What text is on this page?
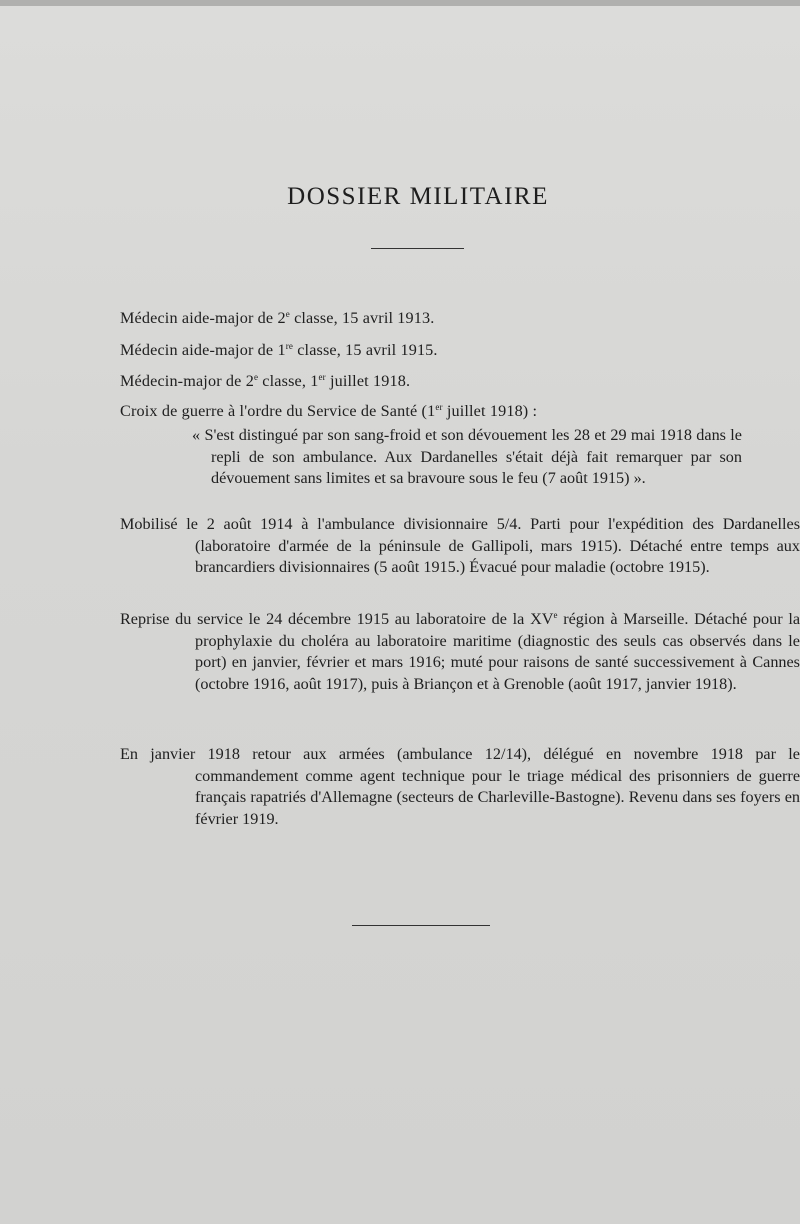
DOSSIER MILITAIRE
Médecin aide-major de 2e classe, 15 avril 1913.
Médecin aide-major de 1re classe, 15 avril 1915.
Médecin-major de 2e classe, 1er juillet 1918.
Croix de guerre à l'ordre du Service de Santé (1er juillet 1918) :
« S'est distingué par son sang-froid et son dévouement les 28 et 29 mai 1918 dans le repli de son ambulance. Aux Dardanelles s'était déjà fait remarquer par son dévouement sans limites et sa bravoure sous le feu (7 août 1915) ».
Mobilisé le 2 août 1914 à l'ambulance divisionnaire 5/4. Parti pour l'expédition des Dardanelles (laboratoire d'armée de la péninsule de Gallipoli, mars 1915). Détaché entre temps aux brancardiers divisionnaires (5 août 1915.) Évacué pour maladie (octobre 1915).
Reprise du service le 24 décembre 1915 au laboratoire de la XVe région à Marseille. Détaché pour la prophylaxie du choléra au laboratoire maritime (diagnostic des seuls cas observés dans le port) en janvier, février et mars 1916; muté pour raisons de santé successivement à Cannes (octobre 1916, août 1917), puis à Briançon et à Grenoble (août 1917, janvier 1918).
En janvier 1918 retour aux armées (ambulance 12/14), délégué en novembre 1918 par le commandement comme agent technique pour le triage médical des prisonniers de guerre français rapatriés d'Allemagne (secteurs de Charleville-Bastogne). Revenu dans ses foyers en février 1919.
